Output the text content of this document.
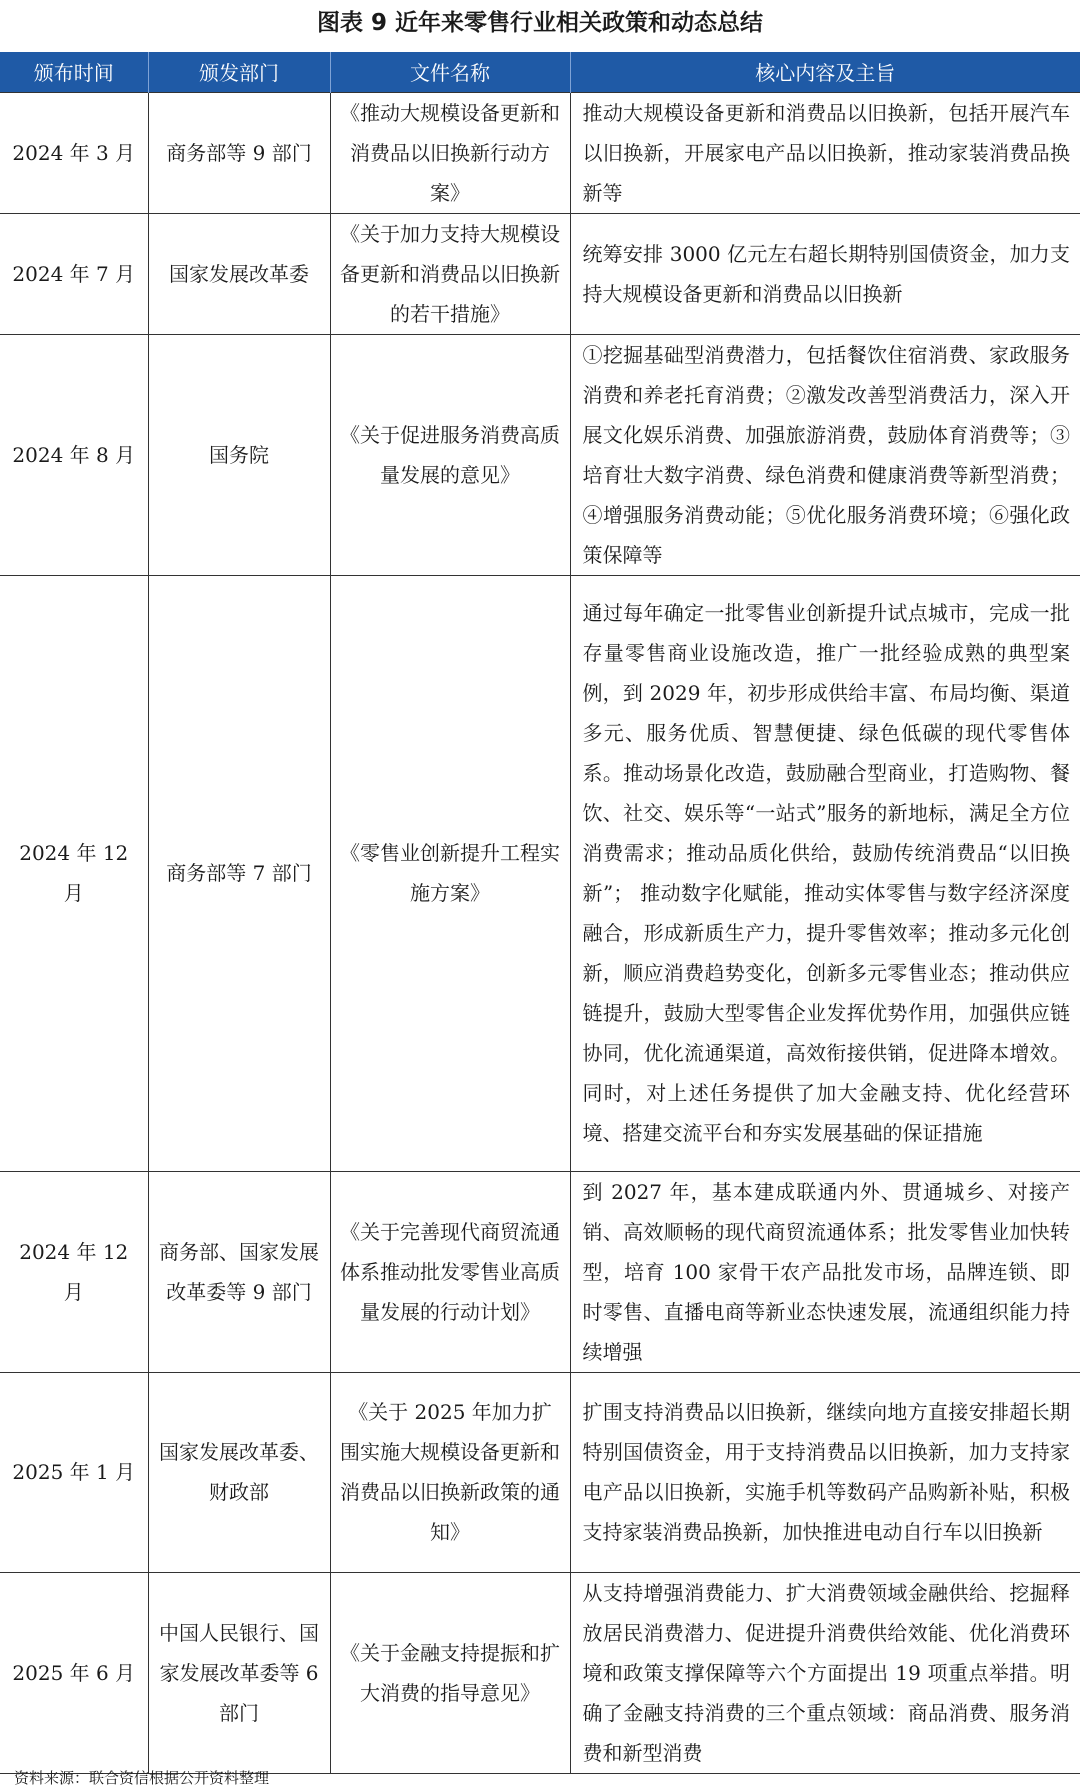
图表 9 近年来零售行业相关政策和动态总结
颁布时间	颁发部门	文件名称	核心内容及主旨
2024 年 3 月	商务部等 9 部门	《推动大规模设备更新和消费品以旧换新行动方案》	推动大规模设备更新和消费品以旧换新，包括开展汽车以旧换新，开展家电产品以旧换新，推动家装消费品换新等
2024 年 7 月	国家发展改革委	《关于加力支持大规模设备更新和消费品以旧换新的若干措施》	统筹安排 3000 亿元左右超长期特别国债资金，加力支持大规模设备更新和消费品以旧换新
2024 年 8 月	国务院	《关于促进服务消费高质量发展的意见》	①挖掘基础型消费潜力，包括餐饮住宿消费、家政服务消费和养老托育消费；②激发改善型消费活力，深入开展文化娱乐消费、加强旅游消费，鼓励体育消费等；③培育壮大数字消费、绿色消费和健康消费等新型消费；④增强服务消费动能；⑤优化服务消费环境；⑥强化政策保障等
2024 年 12 月	商务部等 7 部门	《零售业创新提升工程实施方案》	通过每年确定一批零售业创新提升试点城市，完成一批存量零售商业设施改造，推广一批经验成熟的典型案例，到 2029 年，初步形成供给丰富、布局均衡、渠道多元、服务优质、智慧便捷、绿色低碳的现代零售体系。推动场景化改造，鼓励融合型商业，打造购物、餐饮、社交、娱乐等“一站式”服务的新地标，满足全方位消费需求；推动品质化供给，鼓励传统消费品“以旧换新”； 推动数字化赋能，推动实体零售与数字经济深度融合，形成新质生产力，提升零售效率；推动多元化创新，顺应消费趋势变化，创新多元零售业态；推动供应链提升，鼓励大型零售企业发挥优势作用，加强供应链协同，优化流通渠道，高效衔接供销，促进降本增效。同时，对上述任务提供了加大金融支持、优化经营环境、搭建交流平台和夯实发展基础的保证措施
2024 年 12 月	商务部、国家发展改革委等 9 部门	《关于完善现代商贸流通体系推动批发零售业高质量发展的行动计划》	到 2027 年，基本建成联通内外、贯通城乡、对接产销、高效顺畅的现代商贸流通体系；批发零售业加快转型，培育 100 家骨干农产品批发市场，品牌连锁、即时零售、直播电商等新业态快速发展，流通组织能力持续增强
2025 年 1 月	国家发展改革委、财政部	《关于 2025 年加力扩围实施大规模设备更新和消费品以旧换新政策的通知》	扩围支持消费品以旧换新，继续向地方直接安排超长期特别国债资金，用于支持消费品以旧换新，加力支持家电产品以旧换新，实施手机等数码产品购新补贴，积极支持家装消费品换新，加快推进电动自行车以旧换新
2025 年 6 月	中国人民银行、国家发展改革委等 6 部门	《关于金融支持提振和扩大消费的指导意见》	从支持增强消费能力、扩大消费领域金融供给、挖掘释放居民消费潜力、促进提升消费供给效能、优化消费环境和政策支撑保障等六个方面提出 19 项重点举措。明确了金融支持消费的三个重点领域：商品消费、服务消费和新型消费
资料来源：联合资信根据公开资料整理
